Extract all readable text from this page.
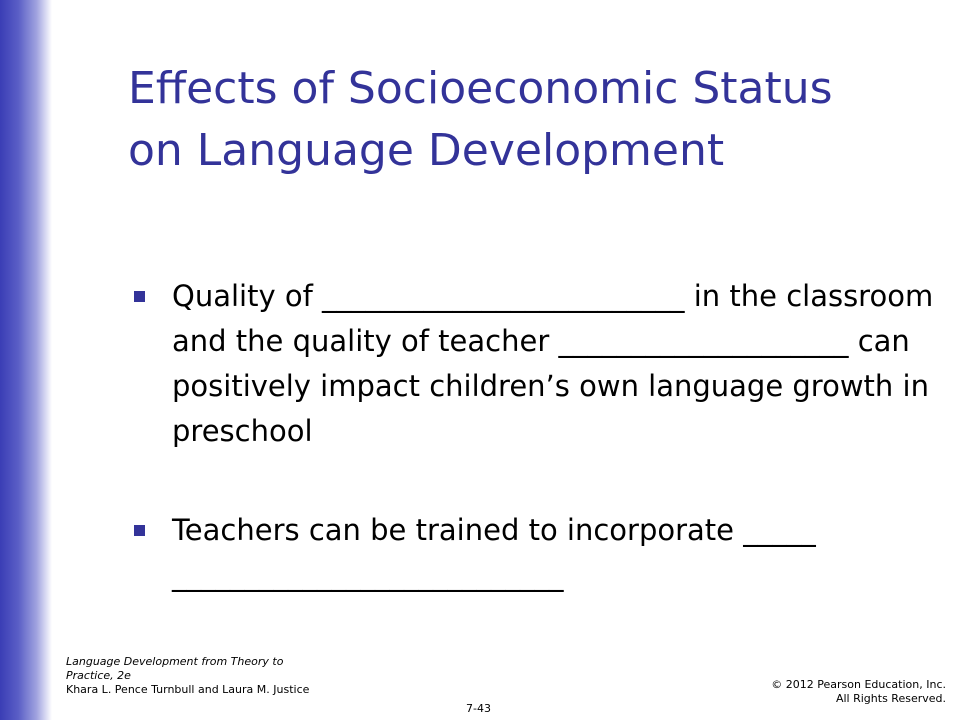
Effects of Socioeconomic Status
on Language Development
Quality of _________________________ in the classroom and the quality of teacher ____________________ can positively impact children’s own language growth in preschool
Teachers can be trained to incorporate _____ ___________________________
Language Development from Theory to
Practice, 2e
Khara L. Pence Turnbull and Laura M. Justice	© 2012 Pearson Education, Inc.
All Rights Reserved.
7-43
